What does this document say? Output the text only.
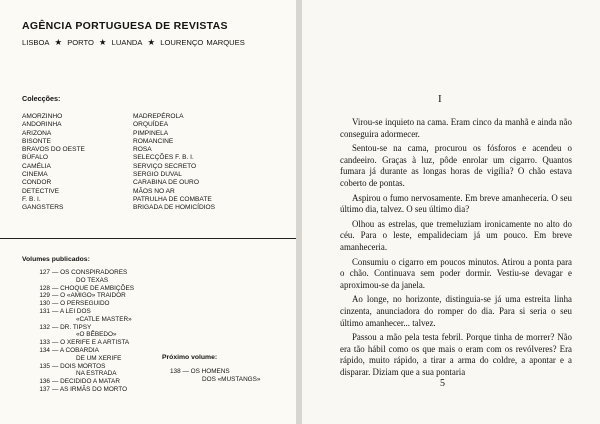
AGÊNCIA PORTUGUESA DE REVISTAS
LISBOA ★ PORTO ★ LUANDA ★ LOURENÇO MARQUES
Colecções:
AMORZINHO
ANDORINHA
ARIZONA
BISONTE
BRAVOS DO OESTE
BÚFALO
CAMÉLIA
CINEMA
CONDOR
DETECTIVE
F. B. I.
GANGSTERS
MADREPÉROLA
ORQUÍDEA
PIMPINELA
ROMANCINE
ROSA
SELECÇÕES F. B. I.
SERVIÇO SECRETO
SERGIO DUVAL
CARABINA DE OURO
MÃOS NO AR
PATRULHA DE COMBATE
BRIGADA DE HOMICÍDIOS
Volumes publicados:
127 — OS CONSPIRADORES
DO TEXAS
128 — CHOQUE DE AMBIÇÕES
129 — O «AMIGO» TRAIDOR
130 — O PERSEGUIDO
131 — A LEI DOS
«CATLE MASTER»
132 — DR. TIPSY
«O BÊBEDO»
133 — O XERIFE E A ARTISTA
134 — A COBARDIA
DE UM XERIFE
135 — DOIS MORTOS
NA ESTRADA
136 — DECIDIDO A MATAR
137 — AS IRMÃS DO MORTO
Próximo volume:
138 — OS HOMENS
DOS «MUSTANGS»
I

Virou-se inquieto na cama. Eram cinco da manhã e ainda não conseguira adormecer.

Sentou-se na cama, procurou os fósforos e acendeu o candeeiro. Graças à luz, pôde enrolar um cigarro. Quantos fumara já durante as longas horas de vigília? O chão estava coberto de pontas.

Aspirou o fumo nervosamente. Em breve amanheceria. O seu último dia, talvez. O seu último dia?

Olhou as estrelas, que tremeluziam ironicamente no alto do céu. Para o leste, empalideciam já um pouco. Em breve amanheceria.

Consumiu o cigarro em poucos minutos. Atirou a ponta para o chão. Continuava sem poder dormir. Vestiu-se devagar e aproximou-se da janela.

Ao longe, no horizonte, distinguia-se já uma estreita linha cinzenta, anunciadora do romper do dia. Para si seria o seu último amanhecer... talvez.

Passou a mão pela testa febril. Porque tinha de morrer? Não era tão hábil como os que mais o eram com os revólveres? Era rápido, muito rápido, a tirar a arma do coldre, a apontar e a disparar. Diziam que a sua pontaria

5
